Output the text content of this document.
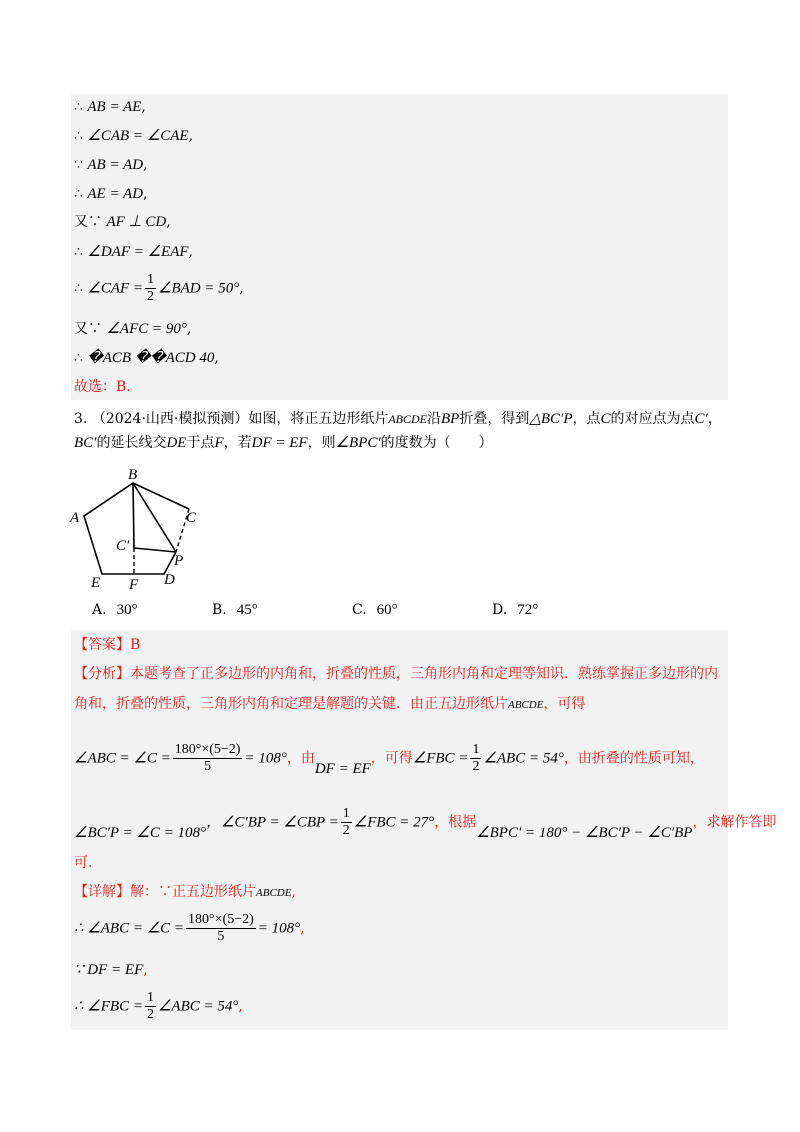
∴ AB = AE,
∴ ∠CAB = ∠CAE,
∵ AB = AD,
∴ AE = AD,
又∵ AF ⊥ CD,
∴ ∠DAF = ∠EAF,
∴ ∠CAF = $\frac{1}{2}$ ∠BAD = 50°,
又∵ ∠AFC = 90°,
∴ �ACB ��ACD 40,
故选：B.
3. （2024·山西·模拟预测）如图，将正五边形纸片ABCDE沿BP折叠，得到△BC′P，点C的对应点为点C′，BC′的延长线交DE于点F，若DF = EF，则∠BPC′的度数为（　　）
B
A	C
C′
P
D
E F
A. 30°	B. 45°	C. 60°	D. 72°
【答案】B
【分析】本题考查了正多边形的内角和，折叠的性质，三角形内角和定理等知识．熟练掌握正多边形的内
角和，折叠的性质，三角形内角和定理是解题的关键．由正五边形纸片ABCDE，可得
∠ABC = ∠C = $\frac{180^\circ\times(5-2)}{5} = 108^\circ$，由DF = EF，可得∠FBC = $\frac{1}{2}$ ∠ABC = 54°，由折叠的性质可知，
∠BC′P = ∠C = 108°，∠C′BP = ∠CBP = $\frac{1}{2}$ ∠FBC = 27°，根据∠BPC′ = 180° − ∠BC′P − ∠C′BP，求解作答即
可．
【详解】解：∵正五边形纸片ABCDE,
∴ ∠ABC = ∠C = $\frac{180^\circ\times(5-2)}{5} = 108^\circ$,
∵ DF = EF,
∴ ∠FBC = $\frac{1}{2}$ ∠ABC = 54°,
